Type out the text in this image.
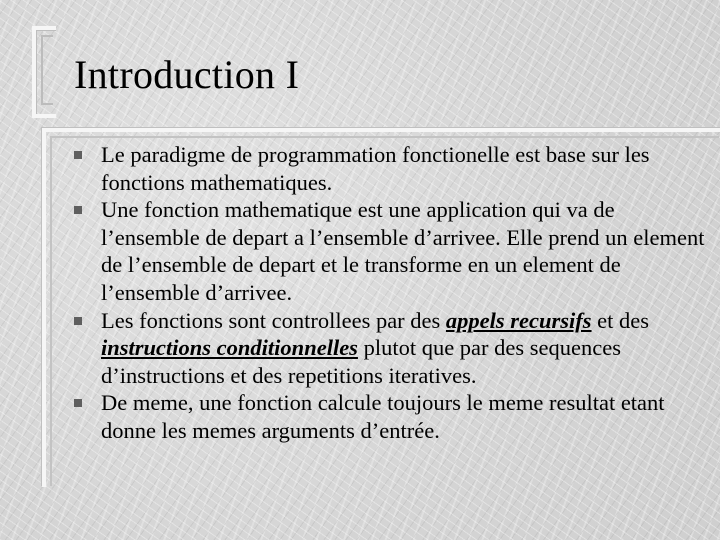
Introduction I
Le paradigme de programmation fonctionelle est base sur les fonctions mathematiques.
Une fonction mathematique est une application qui va de l’ensemble de depart a l’ensemble d’arrivee. Elle prend un element de l’ensemble de depart et le transforme en un element de l’ensemble d’arrivee.
Les fonctions sont controllees par des appels recursifs et des instructions conditionnelles plutot que par des sequences d’instructions et des repetitions iteratives.
De meme, une fonction calcule toujours le meme resultat etant donne les memes arguments d’entrée.
